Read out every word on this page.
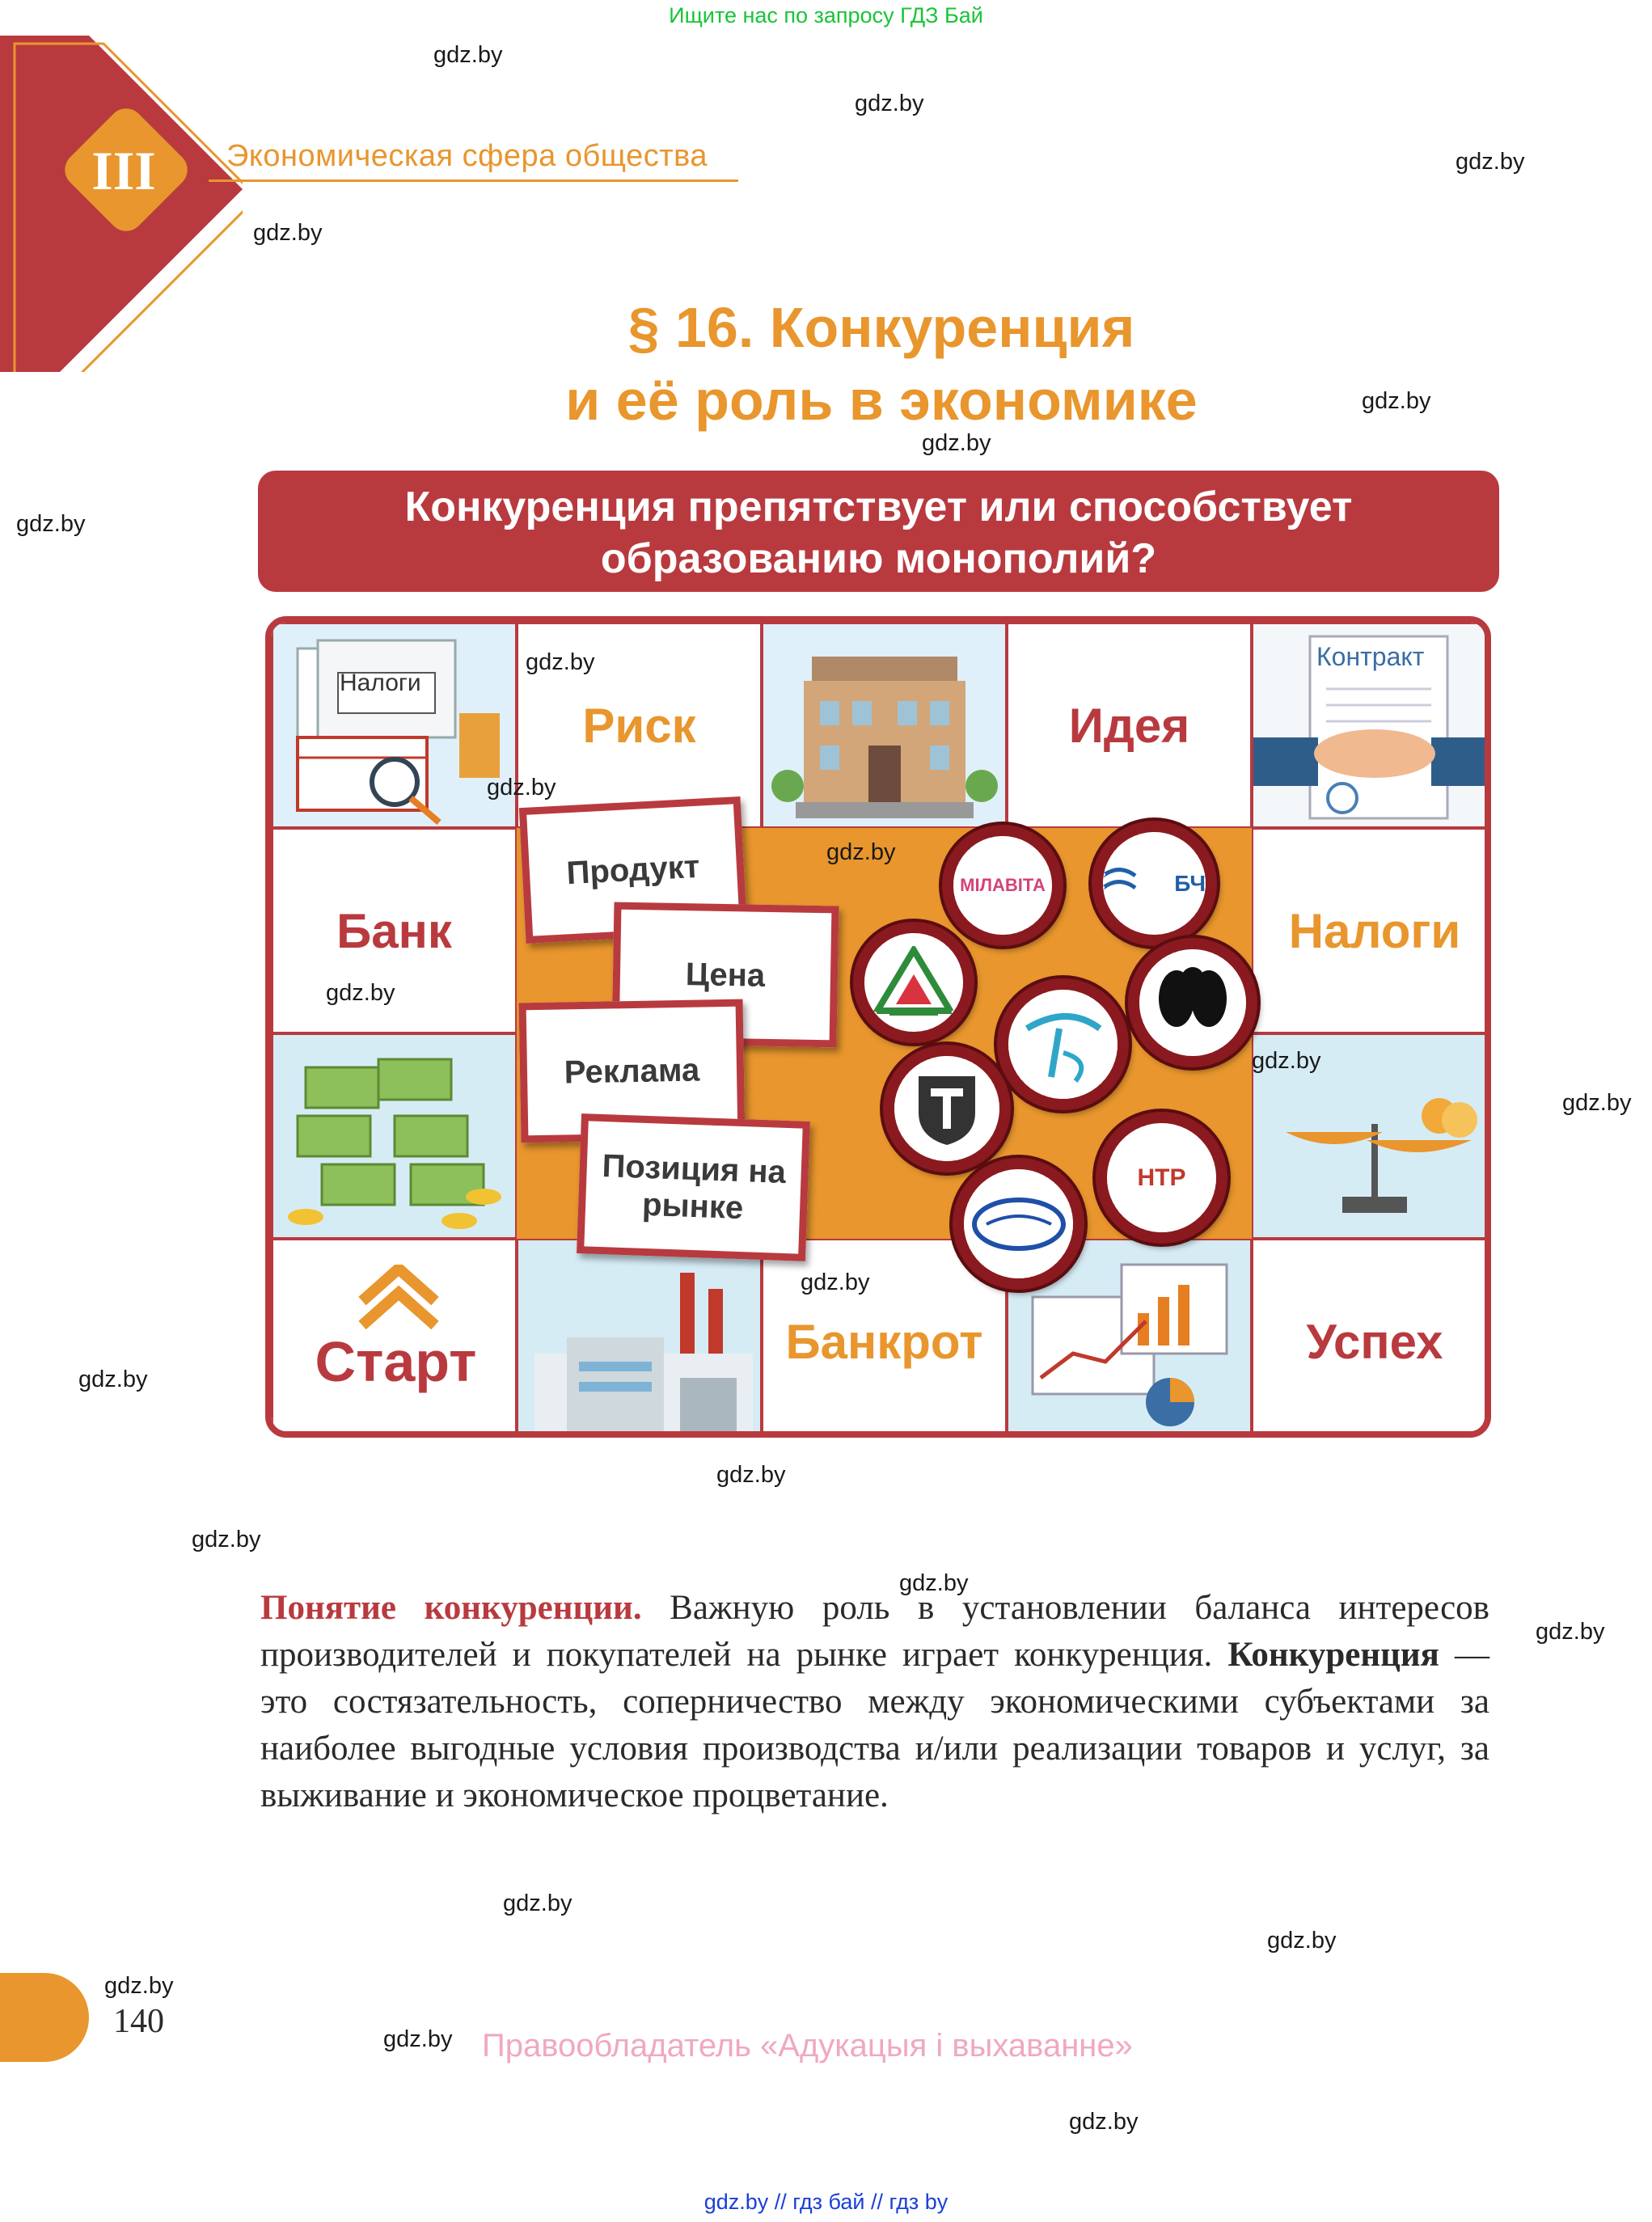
Ищите нас по запросу ГДЗ Бай
III	Экономическая сфера общества
§ 16. Конкуренция
и её роль в экономике
Конкуренция препятствует или способствует
образованию монополий?
Налоги
Риск	Идея
Контракт
Банк	Налоги
Старт	Банкрот	Успех
Продукт
Цена
Реклама
Позиция на рынке
МІЛАВІТА	БЧ
НТР
Понятие конкуренции. Важную роль в установлении баланса интересов производителей и покупателей на рынке играет конкуренция. Конкуренция — это состязательность, соперничество между экономическими субъектами за наиболее выгодные условия производства и/или реализации товаров и услуг, за выживание и экономическое процветание.
140
Правообладатель «Адукацыя і выхаванне»
gdz.by // гдз бай // гдз by
gdz.by
gdz.by
gdz.by
gdz.by
gdz.by
gdz.by
gdz.by
gdz.by
gdz.by
gdz.by
gdz.by
gdz.by
gdz.by
gdz.by
gdz.by
gdz.by
gdz.by
gdz.by
gdz.by
gdz.by
gdz.by
gdz.by
gdz.by
gdz.by
